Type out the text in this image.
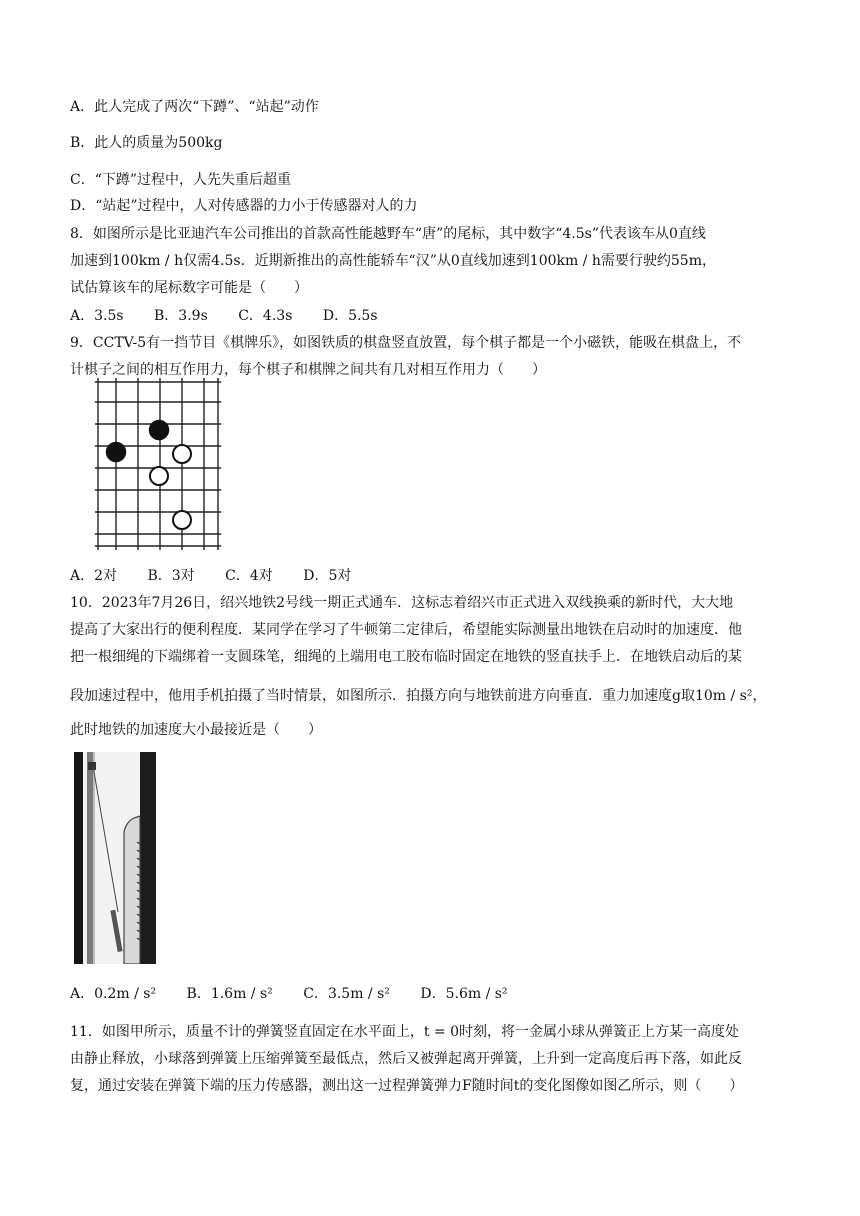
A．此人完成了两次“下蹲”、“站起”动作
B．此人的质量为500kg
C．“下蹲”过程中，人先失重后超重
D．“站起”过程中，人对传感器的力小于传感器对人的力
8．如图所示是比亚迪汽车公司推出的首款高性能越野车“唐”的尾标，其中数字“4.5s”代表该车从0直线
加速到100km / h仅需4.5s．近期新推出的高性能轿车“汉”从0直线加速到100km / h需要行驶约55m，
试估算该车的尾标数字可能是（　　）
A．3.5s B．3.9s C．4.3s D．5.5s
9．CCTV-5有一挡节目《棋牌乐》，如图铁质的棋盘竖直放置，每个棋子都是一个小磁铁，能吸在棋盘上，不
计棋子之间的相互作用力，每个棋子和棋牌之间共有几对相互作用力（　　）
A．2对 B．3对 C．4对 D．5对
10．2023年7月26日，绍兴地铁2号线一期正式通车．这标志着绍兴市正式进入双线换乘的新时代，大大地
提高了大家出行的便利程度．某同学在学习了牛顿第二定律后，希望能实际测量出地铁在启动时的加速度．他
把一根细绳的下端绑着一支圆珠笔，细绳的上端用电工胶布临时固定在地铁的竖直扶手上．在地铁启动后的某
段加速过程中，他用手机拍摄了当时情景，如图所示．拍摄方向与地铁前进方向垂直．重力加速度g取10m / s²，
此时地铁的加速度大小最接近是（　　）
A．0.2m / s² B．1.6m / s² C．3.5m / s² D．5.6m / s²
11．如图甲所示，质量不计的弹簧竖直固定在水平面上，t = 0时刻，将一金属小球从弹簧正上方某一高度处
由静止释放，小球落到弹簧上压缩弹簧至最低点，然后又被弹起离开弹簧，上升到一定高度后再下落，如此反
复，通过安装在弹簧下端的压力传感器，测出这一过程弹簧弹力F随时间t的变化图像如图乙所示，则（　　）
